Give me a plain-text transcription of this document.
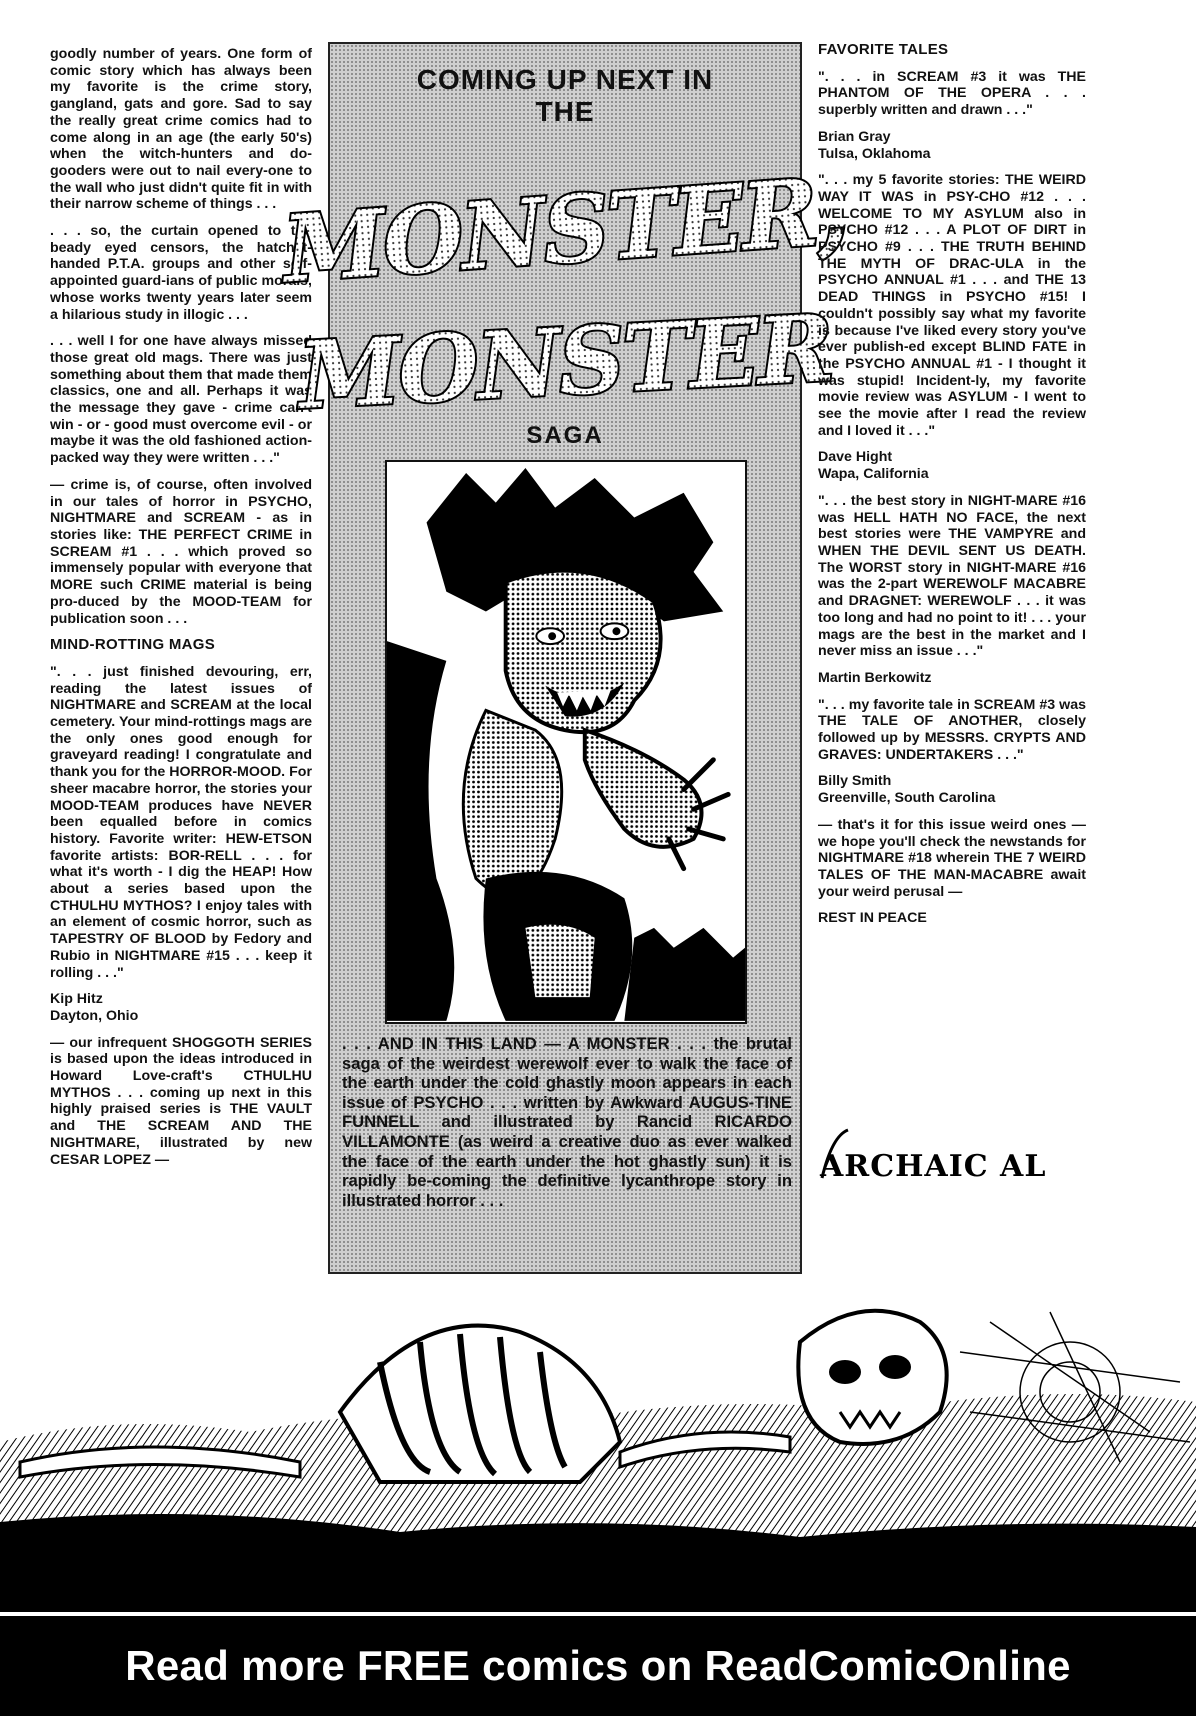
goodly number of years. One form of comic story which has always been my favorite is the crime story, gangland, gats and gore. Sad to say the really great crime comics had to come along in an age (the early 50's) when the witch-hunters and do-gooders were out to nail every-one to the wall who just didn't quite fit in with their narrow scheme of things . . .

. . . so, the curtain opened to the beady eyed censors, the hatchet-handed P.T.A. groups and other self-appointed guard-ians of public morals, whose works twenty years later seem a hilarious study in illogic . . .

. . . well I for one have always missed those great old mags. There was just something about them that made them classics, one and all. Perhaps it was the message they gave - crime can't win - or - good must overcome evil - or maybe it was the old fashioned action-packed way they were written . . ."

— crime is, of course, often involved in our tales of horror in PSYCHO, NIGHTMARE and SCREAM - as in stories like: THE PERFECT CRIME in SCREAM #1 . . . which proved so immensely popular with everyone that MORE such CRIME material is being pro-duced by the MOOD-TEAM for publication soon . . .

MIND-ROTTING MAGS

". . . just finished devouring, err, reading the latest issues of NIGHTMARE and SCREAM at the local cemetery. Your mind-rottings mags are the only ones good enough for graveyard reading! I congratulate and thank you for the HORROR-MOOD. For sheer macabre horror, the stories your MOOD-TEAM produces have NEVER been equalled before in comics history. Favorite writer: HEW-ETSON favorite artists: BOR-RELL . . . for what it's worth - I dig the HEAP! How about a series based upon the CTHULHU MYTHOS? I enjoy tales with an element of cosmic horror, such as TAPESTRY OF BLOOD by Fedory and Rubio in NIGHTMARE #15 . . . keep it rolling . . ."

Kip Hitz
Dayton, Ohio

— our infrequent SHOGGOTH SERIES is based upon the ideas introduced in Howard Love-craft's CTHULHU MYTHOS . . . coming up next in this highly praised series is THE VAULT and THE SCREAM AND THE NIGHTMARE, illustrated by new CESAR LOPEZ —

COMING UP NEXT IN
THE
MONSTER,
MONSTER
SAGA
. . . AND IN THIS LAND — A MONSTER . . . the brutal saga of the weirdest werewolf ever to walk the face of the earth under the cold ghastly moon appears in each issue of PSYCHO . . . written by Awkward AUGUS-TINE FUNNELL and illustrated by Rancid RICARDO VILLAMONTE (as weird a creative duo as ever walked the face of the earth under the hot ghastly sun) it is rapidly be-coming the definitive lycanthrope story in illustrated horror . . .
FAVORITE TALES

". . . in SCREAM #3 it was THE PHANTOM OF THE OPERA . . . superbly written and drawn . . ."

Brian Gray
Tulsa, Oklahoma

". . . my 5 favorite stories: THE WEIRD WAY IT WAS in PSY-CHO #12 . . . WELCOME TO MY ASYLUM also in PSYCHO #12 . . . A PLOT OF DIRT in PSYCHO #9 . . . THE TRUTH BEHIND THE MYTH OF DRAC-ULA in the PSYCHO ANNUAL #1 . . . and THE 13 DEAD THINGS in PSYCHO #15! I couldn't possibly say what my favorite is because I've liked every story you've ever publish-ed except BLIND FATE in the PSYCHO ANNUAL #1 - I thought it was stupid! Incident-ly, my favorite movie review was ASYLUM - I went to see the movie after I read the review and I loved it . . ."

Dave Hight
Wapa, California

". . . the best story in NIGHT-MARE #16 was HELL HATH NO FACE, the next best stories were THE VAMPYRE and WHEN THE DEVIL SENT US DEATH. The WORST story in NIGHT-MARE #16 was the 2-part WEREWOLF MACABRE and DRAGNET: WEREWOLF . . . it was too long and had no point to it! . . . your mags are the best in the market and I never miss an issue . . ."

Martin Berkowitz

". . . my favorite tale in SCREAM #3 was THE TALE OF ANOTHER, closely followed up by MESSRS. CRYPTS AND GRAVES: UNDERTAKERS . . ."

Billy Smith
Greenville, South Carolina

— that's it for this issue weird ones — we hope you'll check the newstands for NIGHTMARE #18 wherein THE 7 WEIRD TALES OF THE MAN-MACABRE await your weird perusal —

REST IN PEACE
ARCHAIC AL
Read more FREE comics on ReadComicOnline
